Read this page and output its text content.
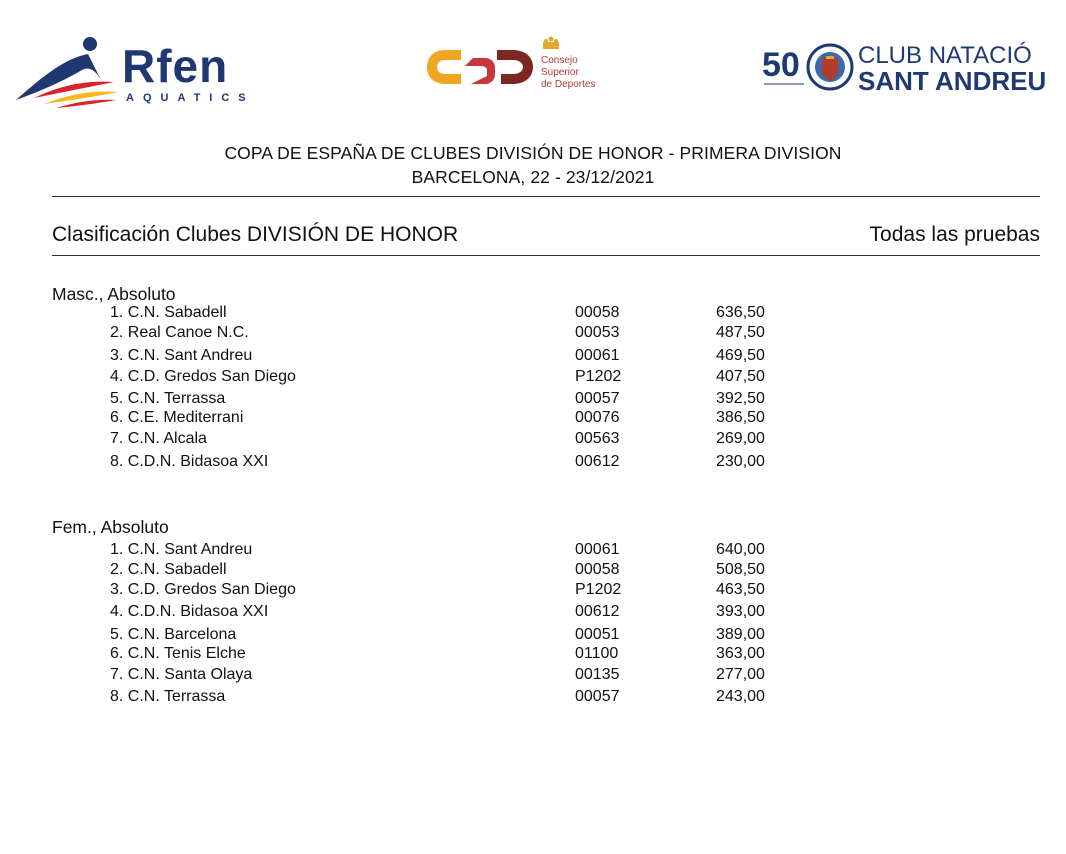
Rfen
AQUATICS
Consejo
Superior
de Deportes
50 CLUB NATACIÓ
SANT ANDREU
COPA DE ESPAÑA DE CLUBES DIVISIÓN DE HONOR - PRIMERA DIVISION
BARCELONA, 22 - 23/12/2021
Clasificación Clubes DIVISIÓN DE HONOR	Todas las pruebas
Masc., Absoluto
1. C.N. Sabadell	00058	636,50
2. Real Canoe N.C.	00053	487,50
3. C.N. Sant Andreu	00061	469,50
4. C.D. Gredos San Diego	P1202	407,50
5. C.N. Terrassa	00057	392,50
6. C.E. Mediterrani	00076	386,50
7. C.N. Alcala	00563	269,00
8. C.D.N. Bidasoa XXI	00612	230,00
Fem., Absoluto
1. C.N. Sant Andreu	00061	640,00
2. C.N. Sabadell	00058	508,50
3. C.D. Gredos San Diego	P1202	463,50
4. C.D.N. Bidasoa XXI	00612	393,00
5. C.N. Barcelona	00051	389,00
6. C.N. Tenis Elche	01100	363,00
7. C.N. Santa Olaya	00135	277,00
8. C.N. Terrassa	00057	243,00
